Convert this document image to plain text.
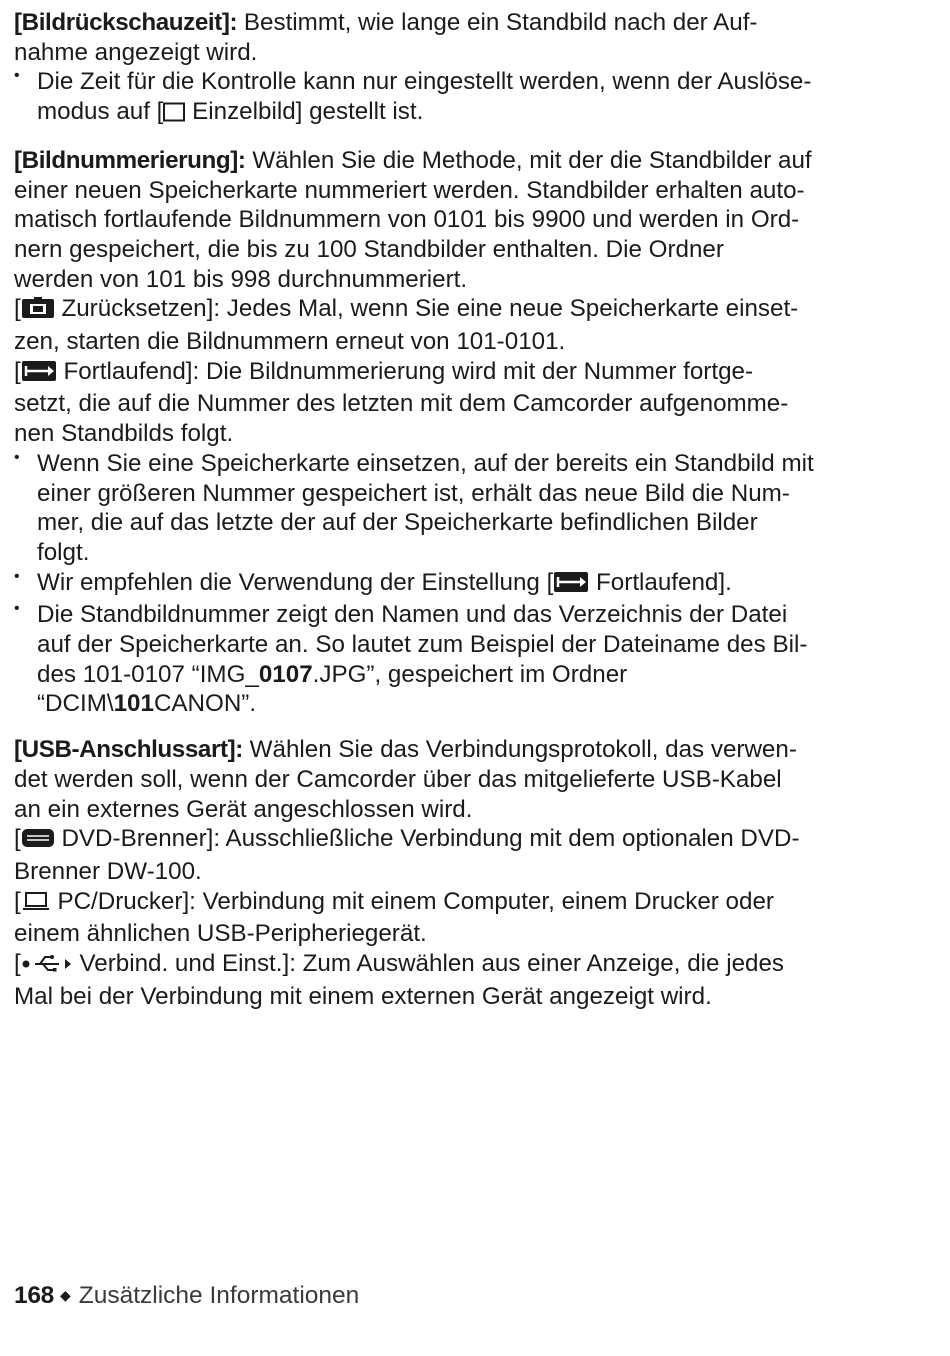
[Bildrückschauzeit]: Bestimmt, wie lange ein Standbild nach der Auf-

nahme angezeigt wird.

• Die Zeit für die Kontrolle kann nur eingestellt werden, wenn der Auslöse-

modus auf [ Einzelbild] gestellt ist.

[Bildnummerierung]: Wählen Sie die Methode, mit der die Standbilder auf

einer neuen Speicherkarte nummeriert werden. Standbilder erhalten auto-

matisch fortlaufende Bildnummern von 0101 bis 9900 und werden in Ord-

nern gespeichert, die bis zu 100 Standbilder enthalten. Die Ordner

werden von 101 bis 998 durchnummeriert.

[ Zurücksetzen]: Jedes Mal, wenn Sie eine neue Speicherkarte einset-

zen, starten die Bildnummern erneut von 101-0101.

[ Fortlaufend]: Die Bildnummerierung wird mit der Nummer fortge-

setzt, die auf die Nummer des letzten mit dem Camcorder aufgenomme-

nen Standbilds folgt.

• Wenn Sie eine Speicherkarte einsetzen, auf der bereits ein Standbild mit

einer größeren Nummer gespeichert ist, erhält das neue Bild die Num-

mer, die auf das letzte der auf der Speicherkarte befindlichen Bilder

folgt.

• Wir empfehlen die Verwendung der Einstellung [ Fortlaufend].

• Die Standbildnummer zeigt den Namen und das Verzeichnis der Datei

auf der Speicherkarte an. So lautet zum Beispiel der Dateiname des Bil-

des 101-0107 “IMG_0107.JPG”, gespeichert im Ordner

“DCIM\101CANON”.

[USB-Anschlussart]: Wählen Sie das Verbindungsprotokoll, das verwen-

det werden soll, wenn der Camcorder über das mitgelieferte USB-Kabel

an ein externes Gerät angeschlossen wird.

[ DVD-Brenner]: Ausschließliche Verbindung mit dem optionalen DVD-

Brenner DW-100.

[ PC/Drucker]: Verbindung mit einem Computer, einem Drucker oder

einem ähnlichen USB-Peripheriegerät.

[ Verbind. und Einst.]: Zum Auswählen aus einer Anzeige, die jedes

Mal bei der Verbindung mit einem externen Gerät angezeigt wird.

168 ◆ Zusätzliche Informationen
